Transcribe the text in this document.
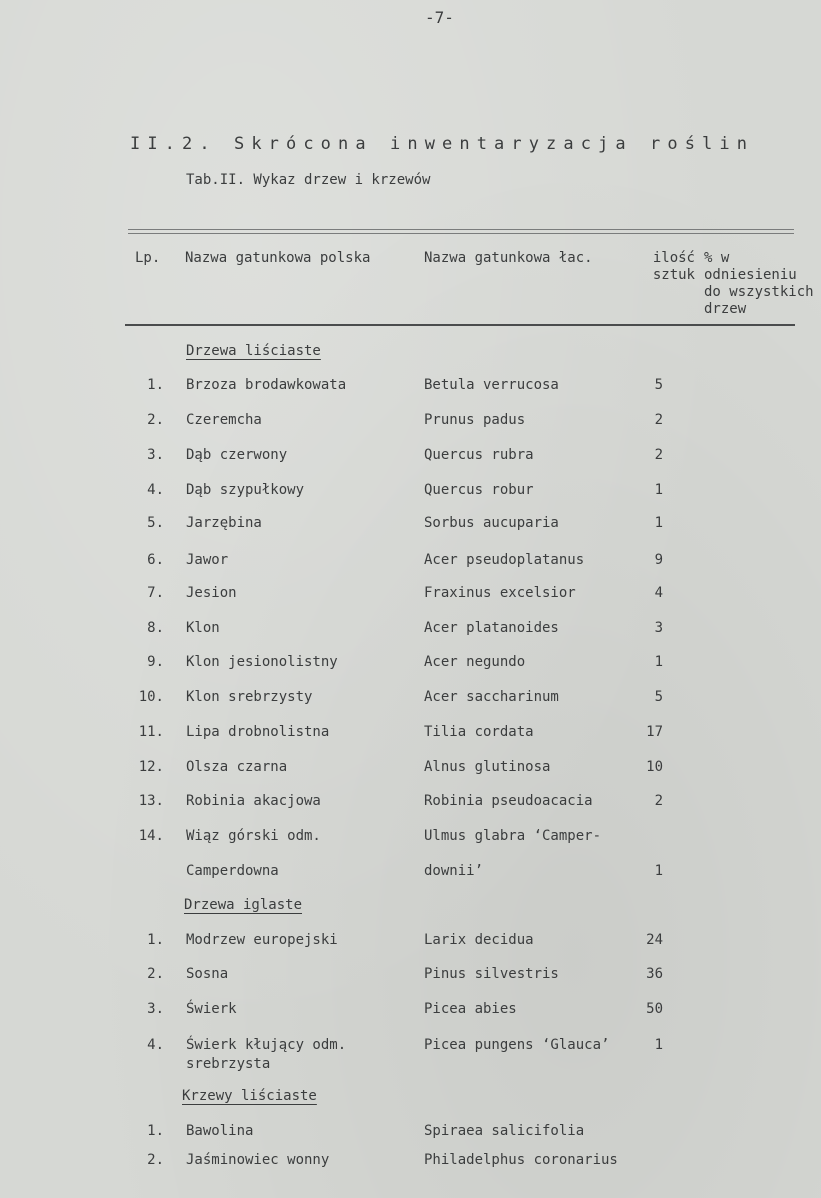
-7-
II.2. Skrócona inwentaryzacja roślin
Tab.II. Wykaz drzew i krzewów
Lp. Nazwa gatunkowa polska	Nazwa gatunkowa łac.	ilość sztuk
% w odniesieniu do wszystkich drzew
Drzewa liściaste
1. Brzoza brodawkowata	Betula verrucosa	5
2. Czeremcha	Prunus padus	2
3. Dąb czerwony	Quercus rubra	2
4. Dąb szypułkowy	Quercus robur	1
5. Jarzębina	Sorbus aucuparia	1
6. Jawor	Acer pseudoplatanus	9
7. Jesion	Fraxinus excelsior	4
8. Klon	Acer platanoides	3
9. Klon jesionolistny	Acer negundo	1
10. Klon srebrzysty	Acer saccharinum	5
11. Lipa drobnolistna	Tilia cordata	17
12. Olsza czarna	Alnus glutinosa	10
13. Robinia akacjowa	Robinia pseudoacacia	2
14. Wiąz górski odm.	Ulmus glabra ‘Camper-
Camperdowna	downii’	1
Drzewa iglaste
1. Modrzew europejski	Larix decidua	24
2. Sosna	Pinus silvestris	36
3. Świerk	Picea abies	50
4. Świerk kłujący odm.	Picea pungens ‘Glauca’	1
srebrzysta
Krzewy liściaste
1. Bawolina	Spiraea salicifolia
2. Jaśminowiec wonny	Philadelphus coronarius
